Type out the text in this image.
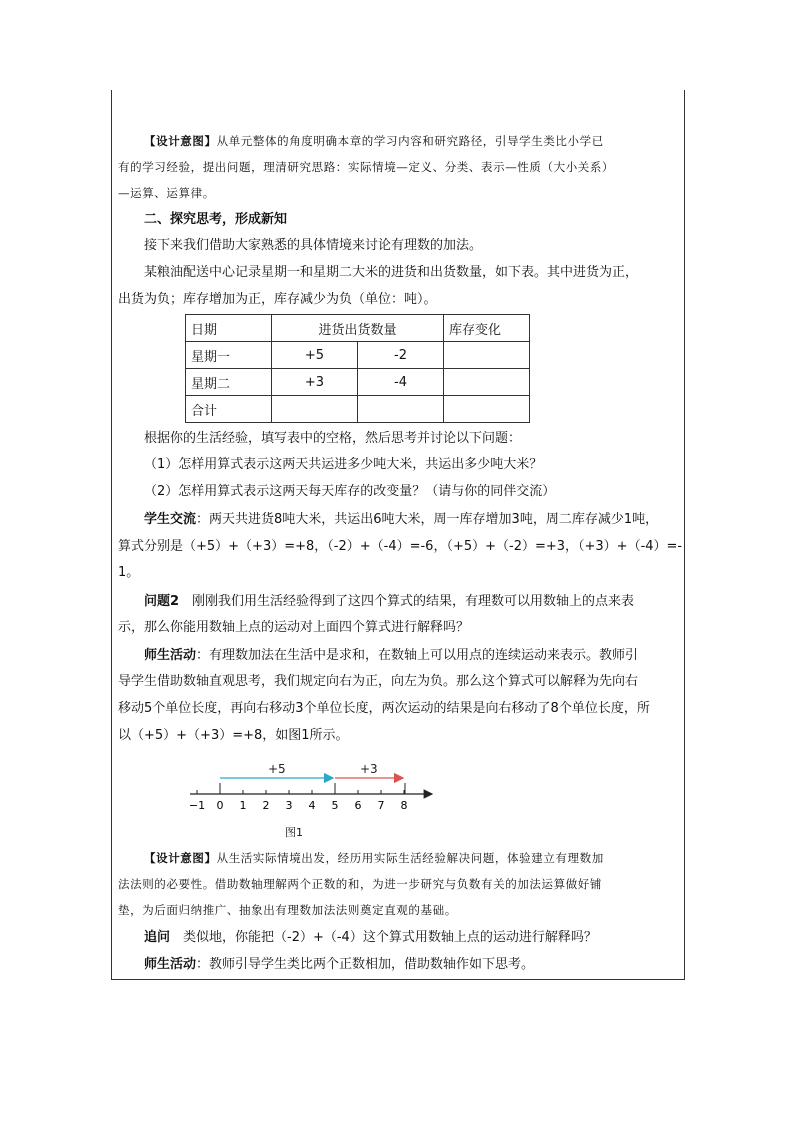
【设计意图】从单元整体的角度明确本章的学习内容和研究路径，引导学生类比小学已

有的学习经验，提出问题，理清研究思路：实际情境—定义、分类、表示—性质（大小关系）

—运算、运算律。

二、探究思考，形成新知

接下来我们借助大家熟悉的具体情境来讨论有理数的加法。

某粮油配送中心记录星期一和星期二大米的进货和出货数量，如下表。其中进货为正，

出货为负；库存增加为正，库存减少为负（单位：吨）。

日期	进货出货数量		库存变化
星期一	+5	-2	
星期二	+3	-4	
合计			

根据你的生活经验，填写表中的空格，然后思考并讨论以下问题：

（1）怎样用算式表示这两天共运进多少吨大米，共运出多少吨大米？

（2）怎样用算式表示这两天每天库存的改变量？（请与你的同伴交流）

学生交流：两天共进货8吨大米，共运出6吨大米，周一库存增加3吨，周二库存减少1吨，

算式分别是（+5）+（+3）=+8，（-2）+（-4）=-6，（+5）+（-2）=+3，（+3）+（-4）=-

1。

问题2　刚刚我们用生活经验得到了这四个算式的结果，有理数可以用数轴上的点来表

示，那么你能用数轴上点的运动对上面四个算式进行解释吗？

师生活动：有理数加法在生活中是求和，在数轴上可以用点的连续运动来表示。教师引

导学生借助数轴直观思考，我们规定向右为正，向左为负。那么这个算式可以解释为先向右

移动5个单位长度，再向右移动3个单位长度，两次运动的结果是向右移动了8个单位长度，所

以（+5）+（+3）=+8，如图1所示。

−1 0 1 2 3 4 5 6 7 8
+5	+3
图1

【设计意图】从生活实际情境出发，经历用实际生活经验解决问题，体验建立有理数加

法法则的必要性。借助数轴理解两个正数的和，为进一步研究与负数有关的加法运算做好铺

垫，为后面归纳推广、抽象出有理数加法法则奠定直观的基础。

追问　类似地，你能把（-2）+（-4）这个算式用数轴上点的运动进行解释吗？

师生活动：教师引导学生类比两个正数相加，借助数轴作如下思考。
